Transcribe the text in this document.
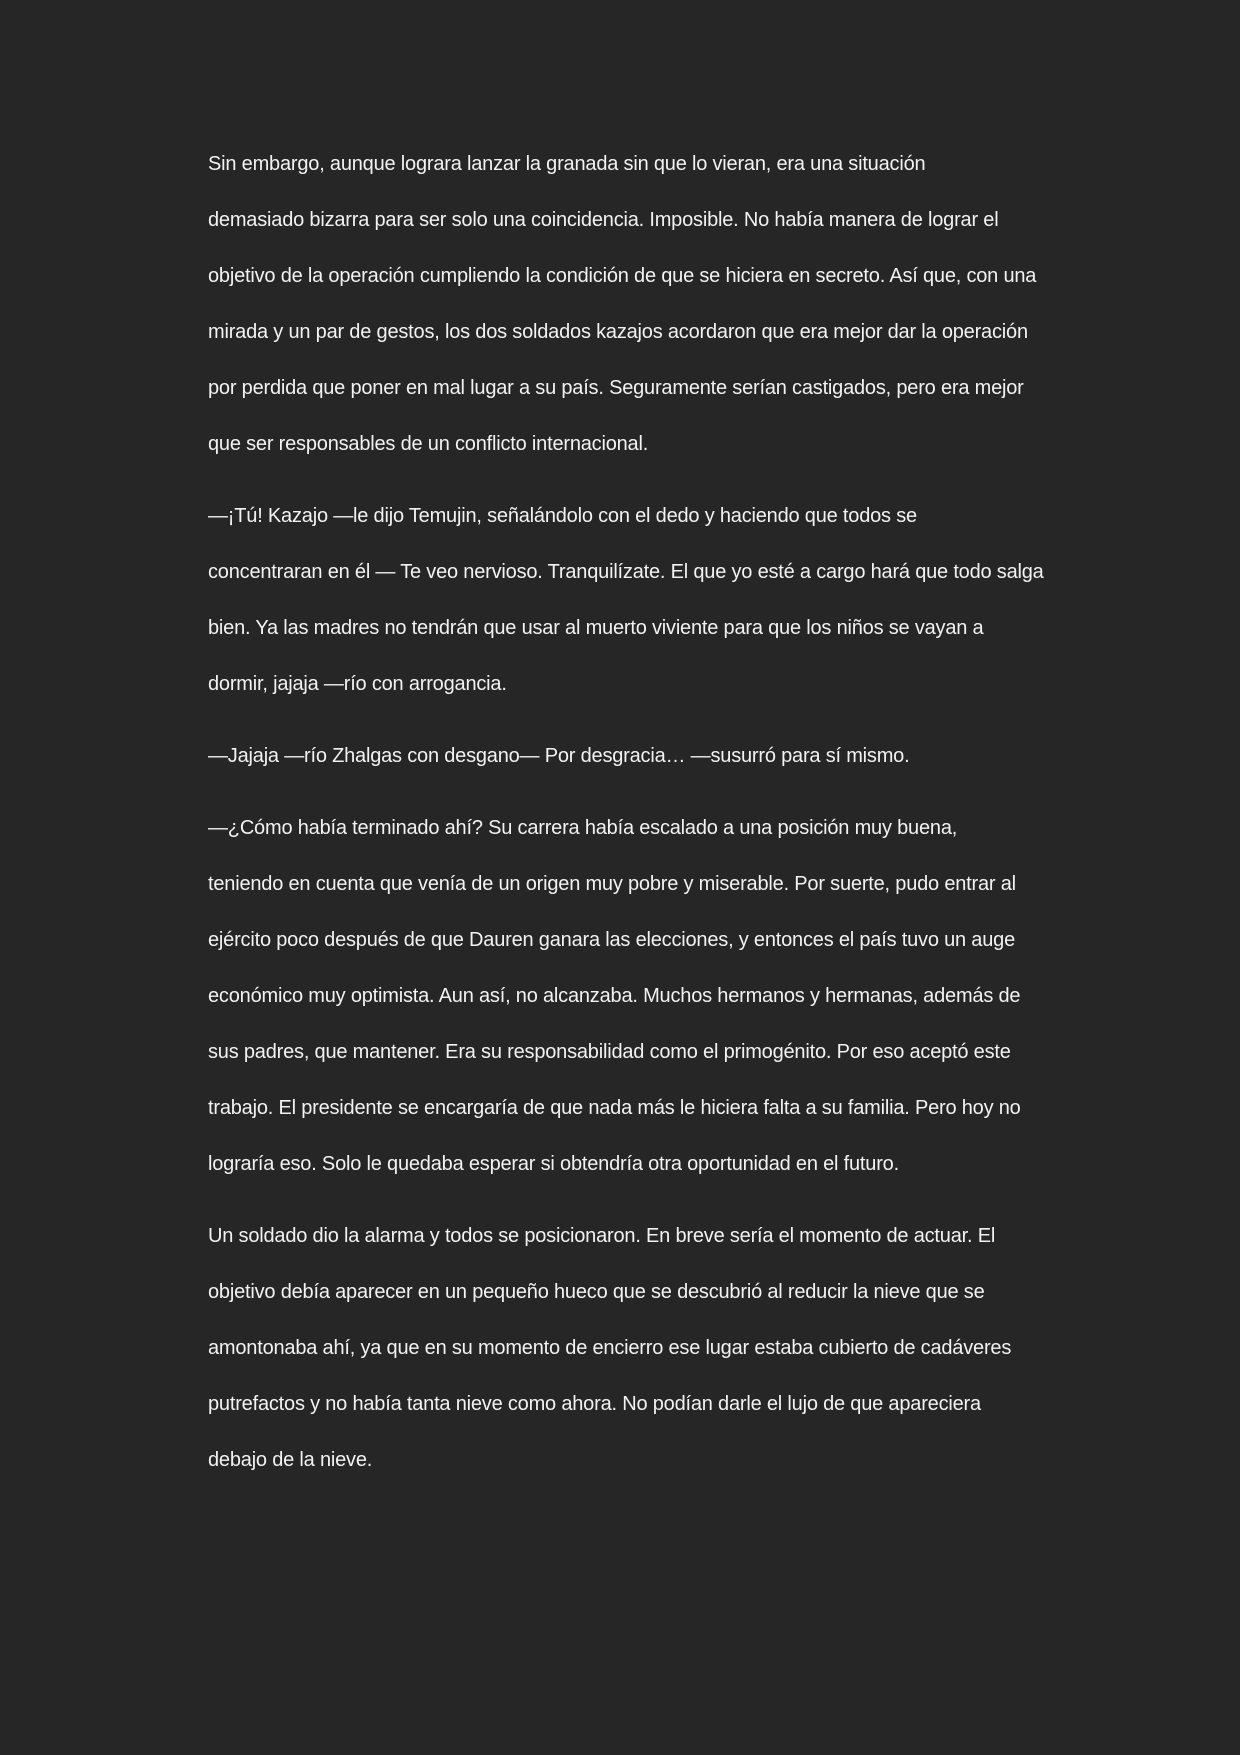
Sin embargo, aunque lograra lanzar la granada sin que lo vieran, era una situación
demasiado bizarra para ser solo una coincidencia. Imposible. No había manera de lograr el
objetivo de la operación cumpliendo la condición de que se hiciera en secreto. Así que, con una
mirada y un par de gestos, los dos soldados kazajos acordaron que era mejor dar la operación
por perdida que poner en mal lugar a su país. Seguramente serían castigados, pero era mejor
que ser responsables de un conflicto internacional.

—¡Tú! Kazajo —le dijo Temujin, señalándolo con el dedo y haciendo que todos se
concentraran en él — Te veo nervioso. Tranquilízate. El que yo esté a cargo hará que todo salga
bien. Ya las madres no tendrán que usar al muerto viviente para que los niños se vayan a
dormir, jajaja —río con arrogancia.

—Jajaja —río Zhalgas con desgano— Por desgracia… —susurró para sí mismo.

—¿Cómo había terminado ahí? Su carrera había escalado a una posición muy buena,
teniendo en cuenta que venía de un origen muy pobre y miserable. Por suerte, pudo entrar al
ejército poco después de que Dauren ganara las elecciones, y entonces el país tuvo un auge
económico muy optimista. Aun así, no alcanzaba. Muchos hermanos y hermanas, además de
sus padres, que mantener. Era su responsabilidad como el primogénito. Por eso aceptó este
trabajo. El presidente se encargaría de que nada más le hiciera falta a su familia. Pero hoy no
lograría eso. Solo le quedaba esperar si obtendría otra oportunidad en el futuro.

Un soldado dio la alarma y todos se posicionaron. En breve sería el momento de actuar. El
objetivo debía aparecer en un pequeño hueco que se descubrió al reducir la nieve que se
amontonaba ahí, ya que en su momento de encierro ese lugar estaba cubierto de cadáveres
putrefactos y no había tanta nieve como ahora. No podían darle el lujo de que apareciera
debajo de la nieve.
